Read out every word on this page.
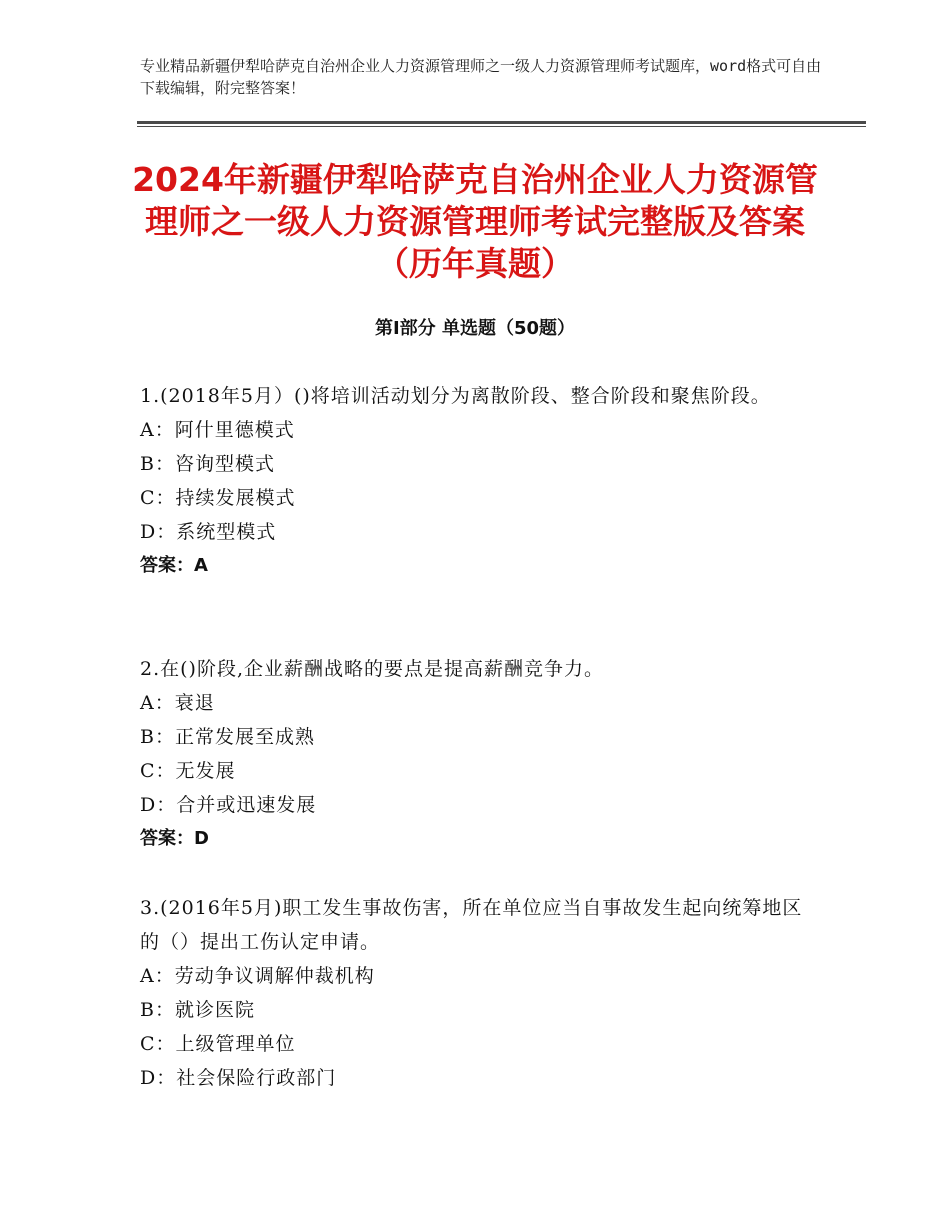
专业精品新疆伊犁哈萨克自治州企业人力资源管理师之一级人力资源管理师考试题库，word格式可自由下载编辑，附完整答案！
2024年新疆伊犁哈萨克自治州企业人力资源管理师之一级人力资源管理师考试完整版及答案（历年真题）
第Ⅰ部分 单选题（50题）

1.(2018年5月）()将培训活动划分为离散阶段、整合阶段和聚焦阶段。

A：阿什里德模式

B：咨询型模式

C：持续发展模式

D：系统型模式

答案：A

2.在()阶段,企业薪酬战略的要点是提高薪酬竞争力。

A：衰退

B：正常发展至成熟

C：无发展

D：合并或迅速发展

答案：D

3.(2016年5月)职工发生事故伤害，所在单位应当自事故发生起向统筹地区的（）提出工伤认定申请。

A：劳动争议调解仲裁机构

B：就诊医院

C：上级管理单位

D：社会保险行政部门
